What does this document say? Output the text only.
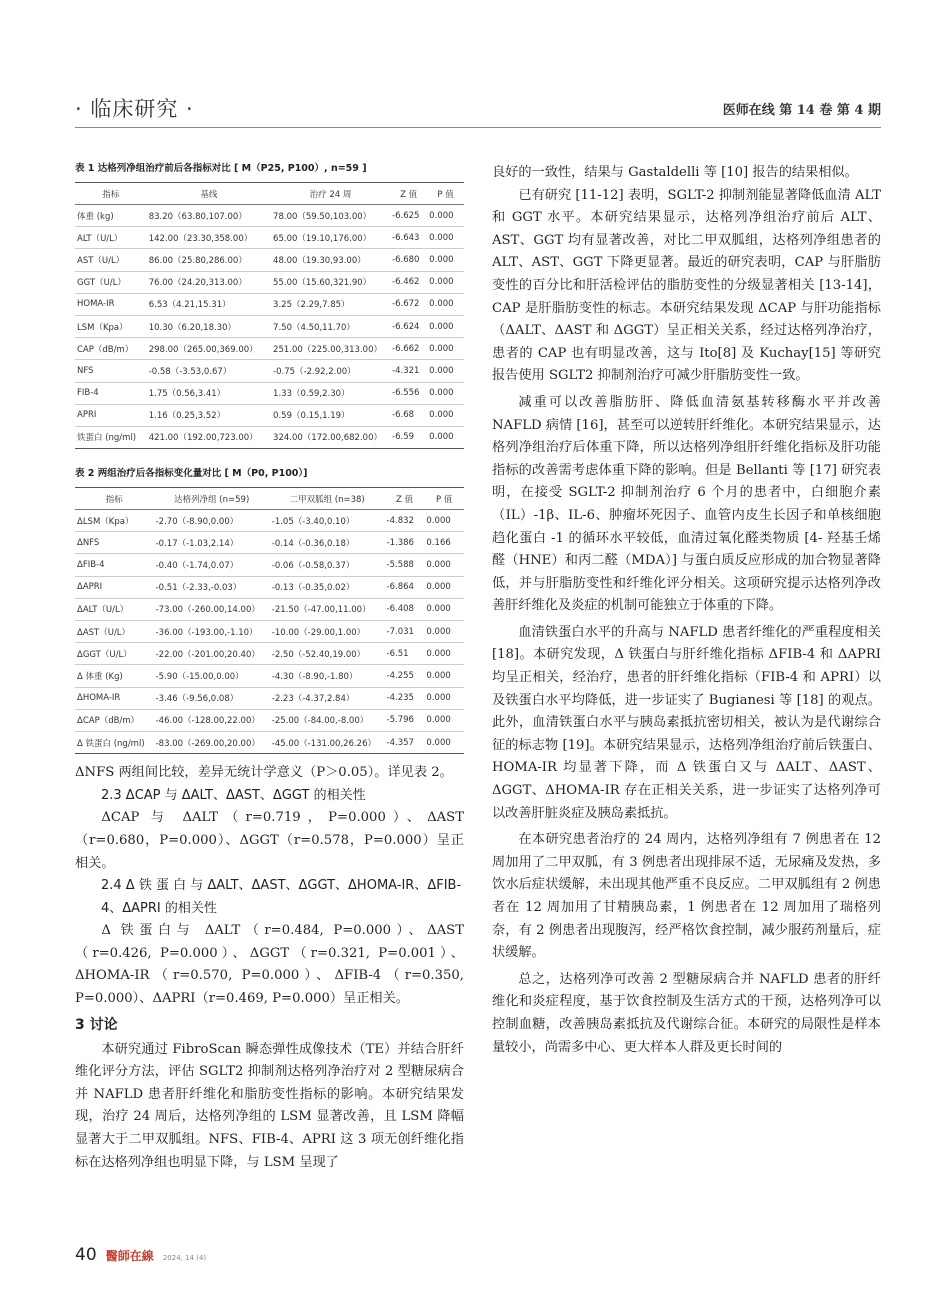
· 临床研究 ·	医师在线 第 14 卷 第 4 期
表 1 达格列净组治疗前后各指标对比 [ M（P25, P100）, n=59 ]
指标	基线	治疗 24 周	Z 值	P 值
体重 (kg)	83.20（63.80,107.00）	78.00（59.50,103.00）	-6.625	0.000
ALT（U/L）	142.00（23.30,358.00）	65.00（19.10,176.00）	-6.643	0.000
AST（U/L）	86.00（25.80,286.00）	48.00（19.30,93.00）	-6.680	0.000
GGT（U/L）	76.00（24.20,313.00）	55.00（15.60,321.90）	-6.462	0.000
HOMA-IR	6.53（4.21,15.31）	3.25（2.29,7.85）	-6.672	0.000
LSM（Kpa）	10.30（6.20,18.30）	7.50（4.50,11.70）	-6.624	0.000
CAP（dB/m）	298.00（265.00,369.00）	251.00（225.00,313.00）	-6.662	0.000
NFS	-0.58（-3.53,0.67）	-0.75（-2.92,2.00）	-4.321	0.000
FIB-4	1.75（0.56,3.41）	1.33（0.59,2.30）	-6.556	0.000
APRI	1.16（0.25,3.52）	0.59（0.15,1.19）	-6.68	0.000
铁蛋白 (ng/ml)	421.00（192.00,723.00）	324.00（172.00,682.00）	-6.59	0.000
表 2 两组治疗后各指标变化量对比 [ M（P0, P100）]
指标	达格列净组 (n=59)	二甲双胍组 (n=38)	Z 值	P 值
ΔLSM（Kpa）	-2.70（-8.90,0.00）	-1.05（-3.40,0.10）	-4.832	0.000
ΔNFS	-0.17（-1.03,2.14）	-0.14（-0.36,0.18）	-1.386	0.166
ΔFIB-4	-0.40（-1.74,0.07）	-0.06（-0.58,0.37）	-5.588	0.000
ΔAPRI	-0.51（-2.33,-0.03）	-0.13（-0.35,0.02）	-6.864	0.000
ΔALT（U/L）	-73.00（-260.00,14.00）	-21.50（-47.00,11.00）	-6.408	0.000
ΔAST（U/L）	-36.00（-193.00,-1.10）	-10.00（-29.00,1.00）	-7.031	0.000
ΔGGT（U/L）	-22.00（-201.00,20.40）	-2.50（-52.40,19.00）	-6.51	0.000
Δ 体重 (Kg)	-5.90（-15.00,0.00）	-4.30（-8.90,-1.80）	-4.255	0.000
ΔHOMA-IR	-3.46（-9.56,0.08）	-2.23（-4.37,2.84）	-4.235	0.000
ΔCAP（dB/m）	-46.00（-128.00,22.00）	-25.00（-84.00,-8.00）	-5.796	0.000
Δ 铁蛋白 (ng/ml)	-83.00（-269.00,20.00）	-45.00（-131.00,26.26）	-4.357	0.000

ΔNFS 两组间比较，差异无统计学意义（P＞0.05）。详见表 2。

2.3 ΔCAP 与 ΔALT、ΔAST、ΔGGT 的相关性

ΔCAP 与 ΔALT（r=0.719，P=0.000）、ΔAST（r=0.680，P=0.000）、ΔGGT（r=0.578，P=0.000）呈正相关。

2.4 Δ 铁 蛋 白 与 ΔALT、ΔAST、ΔGGT、ΔHOMA-IR、ΔFIB-4、ΔAPRI 的相关性

Δ 铁蛋白与 ΔALT（r=0.484, P=0.000）、ΔAST（r=0.426, P=0.000）、ΔGGT（r=0.321, P=0.001）、ΔHOMA-IR（r=0.570, P=0.000）、ΔFIB-4（r=0.350, P=0.000）、ΔAPRI（r=0.469, P=0.000）呈正相关。

3 讨论

本研究通过 FibroScan 瞬态弹性成像技术（TE）并结合肝纤维化评分方法，评估 SGLT2 抑制剂达格列净治疗对 2 型糖尿病合并 NAFLD 患者肝纤维化和脂肪变性指标的影响。本研究结果发现，治疗 24 周后，达格列净组的 LSM 显著改善，且 LSM 降幅显著大于二甲双胍组。NFS、FIB-4、APRI 这 3 项无创纤维化指标在达格列净组也明显下降，与 LSM 呈现了

良好的一致性，结果与 Gastaldelli 等 [10] 报告的结果相似。

已有研究 [11-12] 表明，SGLT-2 抑制剂能显著降低血清 ALT 和 GGT 水平。本研究结果显示，达格列净组治疗前后 ALT、AST、GGT 均有显著改善，对比二甲双胍组，达格列净组患者的 ALT、AST、GGT 下降更显著。最近的研究表明，CAP 与肝脂肪变性的百分比和肝活检评估的脂肪变性的分级显著相关 [13-14]，CAP 是肝脂肪变性的标志。本研究结果发现 ΔCAP 与肝功能指标（ΔALT、ΔAST 和 ΔGGT）呈正相关关系，经过达格列净治疗，患者的 CAP 也有明显改善，这与 Ito[8] 及 Kuchay[15] 等研究报告使用 SGLT2 抑制剂治疗可减少肝脂肪变性一致。

减重可以改善脂肪肝、降低血清氨基转移酶水平并改善 NAFLD 病情 [16]，甚至可以逆转肝纤维化。本研究结果显示，达格列净组治疗后体重下降，所以达格列净组肝纤维化指标及肝功能指标的改善需考虑体重下降的影响。但是 Bellanti 等 [17] 研究表明，在接受 SGLT-2 抑制剂治疗 6 个月的患者中，白细胞介素（IL）-1β、IL-6、肿瘤坏死因子、血管内皮生长因子和单核细胞趋化蛋白 -1 的循环水平较低，血清过氧化醛类物质 [4- 羟基壬烯醛（HNE）和丙二醛（MDA）] 与蛋白质反应形成的加合物显著降低，并与肝脂肪变性和纤维化评分相关。这项研究提示达格列净改善肝纤维化及炎症的机制可能独立于体重的下降。

血清铁蛋白水平的升高与 NAFLD 患者纤维化的严重程度相关 [18]。本研究发现，Δ 铁蛋白与肝纤维化指标 ΔFIB-4 和 ΔAPRI 均呈正相关，经治疗，患者的肝纤维化指标（FIB-4 和 APRI）以及铁蛋白水平均降低，进一步证实了 Bugianesi 等 [18] 的观点。此外，血清铁蛋白水平与胰岛素抵抗密切相关，被认为是代谢综合征的标志物 [19]。本研究结果显示，达格列净组治疗前后铁蛋白、HOMA-IR 均显著下降，而 Δ 铁蛋白又与 ΔALT、ΔAST、ΔGGT、ΔHOMA-IR 存在正相关关系，进一步证实了达格列净可以改善肝脏炎症及胰岛素抵抗。

在本研究患者治疗的 24 周内，达格列净组有 7 例患者在 12 周加用了二甲双胍，有 3 例患者出现排尿不适，无尿痛及发热，多饮水后症状缓解，未出现其他严重不良反应。二甲双胍组有 2 例患者在 12 周加用了甘精胰岛素，1 例患者在 12 周加用了瑞格列奈，有 2 例患者出现腹泻，经严格饮食控制，减少服药剂量后，症状缓解。

总之，达格列净可改善 2 型糖尿病合并 NAFLD 患者的肝纤维化和炎症程度，基于饮食控制及生活方式的干预，达格列净可以控制血糖，改善胰岛素抵抗及代谢综合征。本研究的局限性是样本量较小，尚需多中心、更大样本人群及更长时间的

40 醫師在線 2024, 14 (4)
